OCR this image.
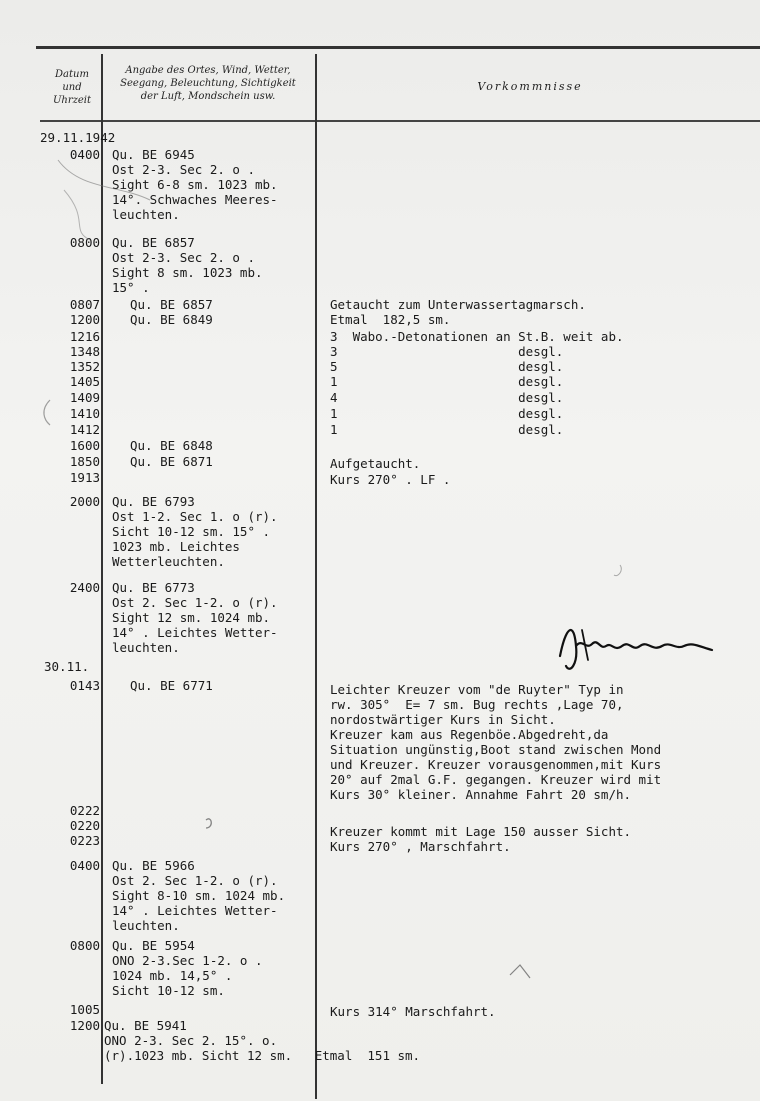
Datum
und
Uhrzeit
Angabe des Ortes, Wind, Wetter,
Seegang, Beleuchtung, Sichtigkeit
der Luft, Mondschein usw.
Vorkommnisse
29.11.1942
0400 Qu. BE 6945
Ost 2-3. Sec 2. o .
Sight 6-8 sm. 1023 mb.
14°. Schwaches Meeres-
leuchten.
0800 Qu. BE 6857
Ost 2-3. Sec 2. o .
Sight 8 sm. 1023 mb.
15° .
0807 Qu. BE 6857	Getaucht zum Unterwassertagmarsch.
1200 Qu. BE 6849	Etmal  182,5 sm.
1216	3  Wabo.-Detonationen an St.B. weit ab.
1348	3                        desgl.
1352	5                        desgl.
1405	1                        desgl.
1409	4                        desgl.
1410	1                        desgl.
1412	1                        desgl.
1600 Qu. BE 6848
1850 Qu. BE 6871	Aufgetaucht.
1913	Kurs 270° . LF .
2000 Qu. BE 6793
Ost 1-2. Sec 1. o (r).
Sicht 10-12 sm. 15° .
1023 mb. Leichtes
Wetterleuchten.
2400 Qu. BE 6773
Ost 2. Sec 1-2. o (r).
Sight 12 sm. 1024 mb.
14° . Leichtes Wetter-
leuchten.
30.11.
0143 Qu. BE 6771	Leichter Kreuzer vom "de Ruyter" Typ in
rw. 305°  E= 7 sm. Bug rechts ,Lage 70,
nordostwärtiger Kurs in Sicht.
Kreuzer kam aus Regenböe.Abgedreht,da
Situation ungünstig,Boot stand zwischen Mond
und Kreuzer. Kreuzer vorausgenommen,mit Kurs
20° auf 2mal G.F. gegangen. Kreuzer wird mit
Kurs 30° kleiner. Annahme Fahrt 20 sm/h.
0222
0220	Kreuzer kommt mit Lage 150 ausser Sicht.
0223	Kurs 270° , Marschfahrt.
0400 Qu. BE 5966
Ost 2. Sec 1-2. o (r).
Sight 8-10 sm. 1024 mb.
14° . Leichtes Wetter-
leuchten.
0800 Qu. BE 5954
ONO 2-3.Sec 1-2. o .
1024 mb. 14,5° .
Sicht 10-12 sm.
1005	Kurs 314° Marschfahrt.
1200 Qu. BE 5941
ONO 2-3. Sec 2. 15°. o.
(r).1023 mb. Sicht 12 sm.   Etmal  151 sm.
